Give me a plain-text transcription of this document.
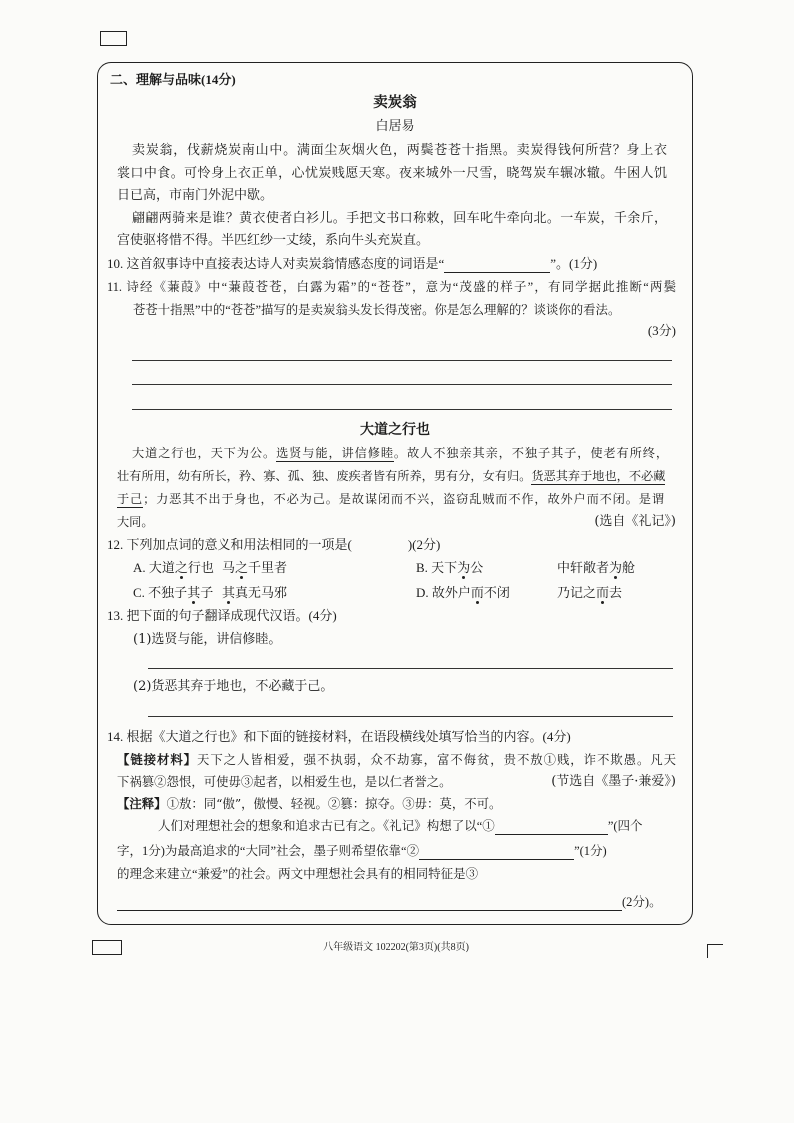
二、理解与品味(14分)
卖炭翁
白居易
卖炭翁，伐薪烧炭南山中。满面尘灰烟火色，两鬓苍苍十指黑。卖炭得钱何所营？身上衣
裳口中食。可怜身上衣正单，心忧炭贱愿天寒。夜来城外一尺雪，晓驾炭车辗冰辙。牛困人饥
日已高，市南门外泥中歇。
翩翩两骑来是谁？黄衣使者白衫儿。手把文书口称敕，回车叱牛牵向北。一车炭，千余斤，
宫使驱将惜不得。半匹红纱一丈绫，系向牛头充炭直。
10. 这首叙事诗中直接表达诗人对卖炭翁情感态度的词语是“	”。(1分)
11. 诗经《蒹葭》中“蒹葭苍苍，白露为霜”的“苍苍”，意为“茂盛的样子”，有同学据此推断“两鬓
苍苍十指黑”中的“苍苍”描写的是卖炭翁头发长得茂密。你是怎么理解的？谈谈你的看法。
(3分)
大道之行也
大道之行也，天下为公。选贤与能，讲信修睦。故人不独亲其亲，不独子其子，使老有所终，
壮有所用，幼有所长，矜、寡、孤、独、废疾者皆有所养，男有分，女有归。货恶其弃于地也，不必藏
于己；力恶其不出于身也，不必为己。是故谋闭而不兴，盗窃乱贼而不作，故外户而不闭。是谓
大同。	(选自《礼记》)
12. 下列加点词的意义和用法相同的一项是(	)(2分)
A. 大道之行也 马之千里者	B. 天下为公	中轩敞者为舱
C. 不独子其子 其真无马邪	D. 故外户而不闭	乃记之而去
13. 把下面的句子翻译成现代汉语。(4分)
(1)选贤与能，讲信修睦。
(2)货恶其弃于地也，不必藏于己。
14. 根据《大道之行也》和下面的链接材料，在语段横线处填写恰当的内容。(4分)
【链接材料】天下之人皆相爱，强不执弱，众不劫寡，富不侮贫，贵不敖①贱，诈不欺愚。凡天
下祸篡②怨恨，可使毋③起者，以相爱生也，是以仁者誉之。	(节选自《墨子·兼爱》)
【注释】①敖：同“傲”，傲慢、轻视。②篡：掠夺。③毋：莫，不可。
人们对理想社会的想象和追求古已有之。《礼记》构想了以“①	”(四个
字，1分)为最高追求的“大同”社会，墨子则希望依靠“②	”(1分)
的理念来建立“兼爱”的社会。两文中理想社会具有的相同特征是③
(2分)。
八年级语文 102202(第3页)(共8页)
